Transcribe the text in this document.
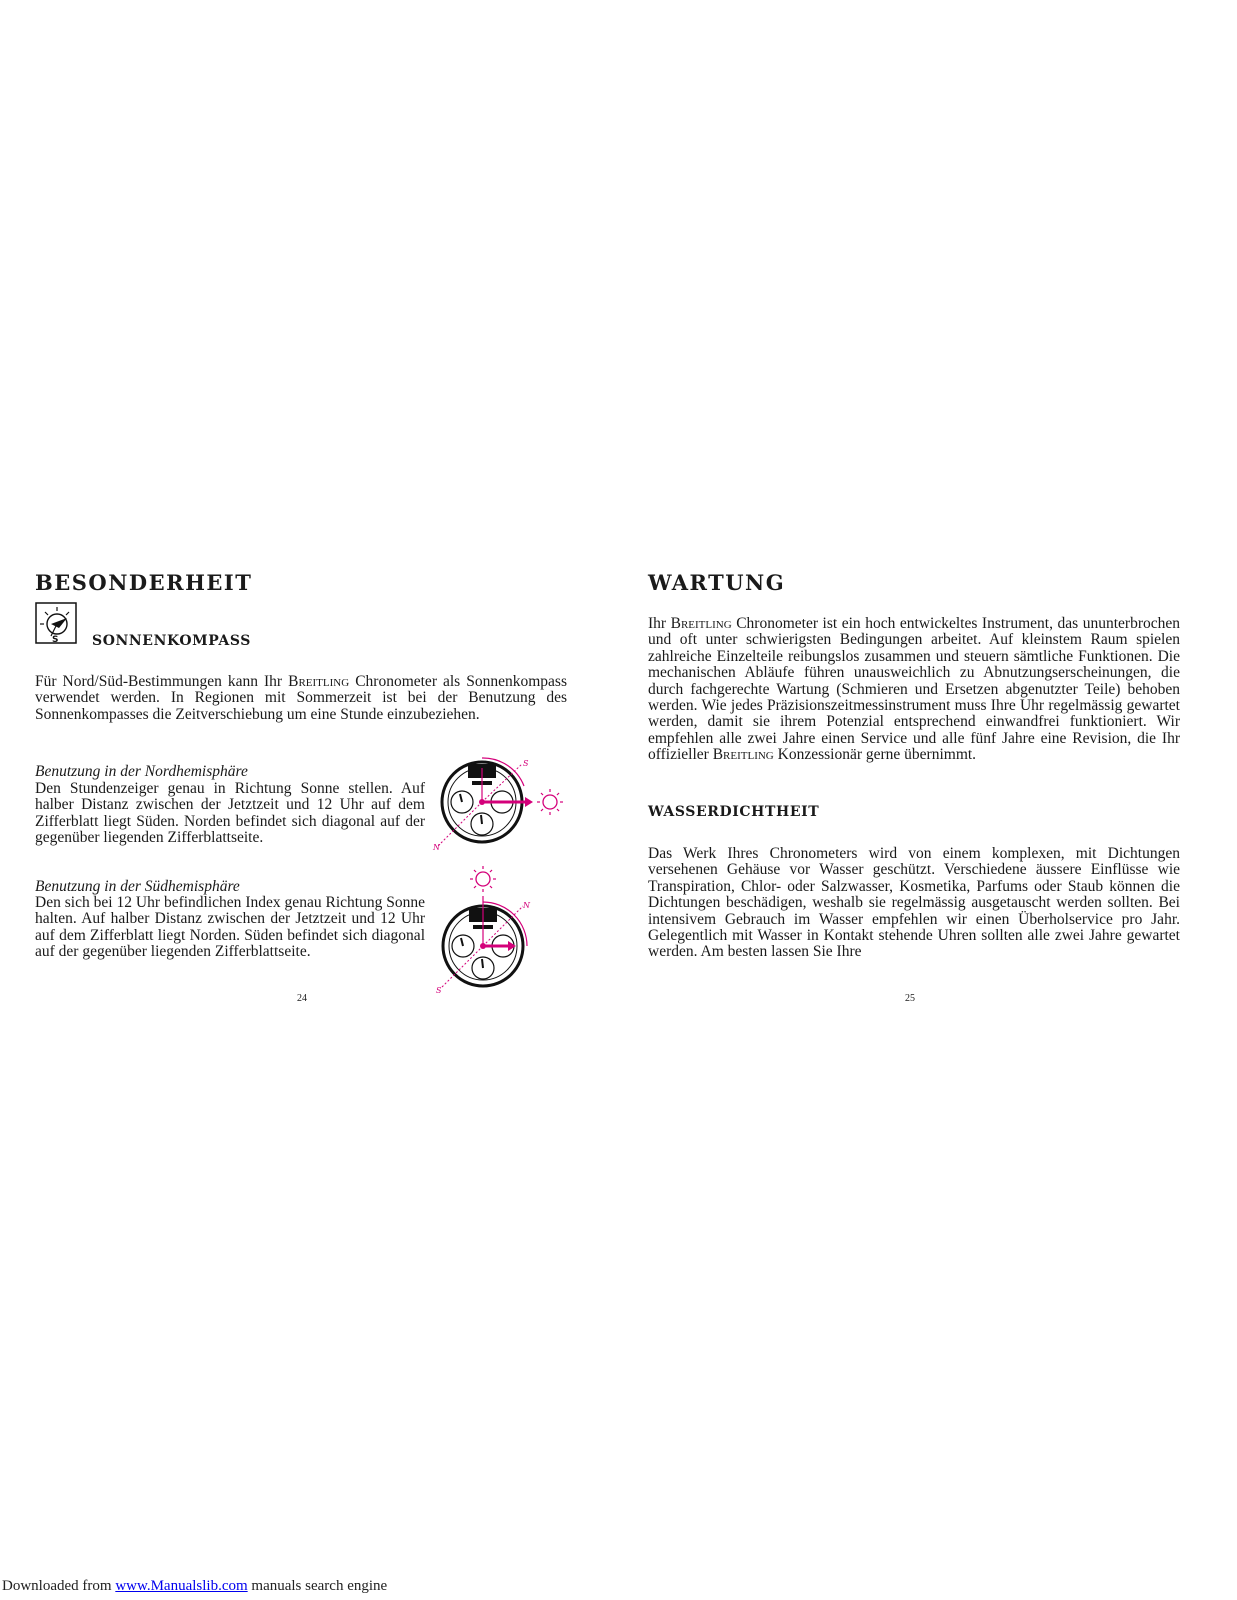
BESONDERHEIT
S SONNENKOMPASS

Für Nord/Süd-Bestimmungen kann Ihr Breitling Chronometer als Sonnenkompass verwendet werden. In Regionen mit Sommerzeit ist bei der Benutzung des Sonnenkompasses die Zeitverschiebung um eine Stunde einzubeziehen.

Benutzung in der Nordhemisphäre

Den Stundenzeiger genau in Richtung Sonne stellen. Auf halber Distanz zwischen der Jetztzeit und 12 Uhr auf dem Zifferblatt liegt Süden. Norden befindet sich diagonal auf der gegenüber liegenden Zifferblattseite.

S
N
Benutzung in der Südhemisphäre

Den sich bei 12 Uhr befindlichen Index genau Richtung Sonne halten. Auf halber Distanz zwischen der Jetztzeit und 12 Uhr auf dem Zifferblatt liegt Norden. Süden befindet sich diagonal auf der gegenüber liegenden Zifferblattseite.

N
S
24
WARTUNG

Ihr Breitling Chronometer ist ein hoch entwickeltes Instrument, das ununterbrochen und oft unter schwierigsten Bedingungen arbeitet. Auf kleinstem Raum spielen zahlreiche Einzelteile reibungslos zusammen und steuern sämtliche Funktionen. Die mechanischen Abläufe führen unausweichlich zu Abnutzungserscheinungen, die durch fachgerechte Wartung (Schmieren und Ersetzen abgenutzter Teile) behoben werden. Wie jedes Präzisionszeitmessinstrument muss Ihre Uhr regelmässig gewartet werden, damit sie ihrem Potenzial entsprechend einwandfrei funktioniert. Wir empfehlen alle zwei Jahre einen Service und alle fünf Jahre eine Revision, die Ihr offizieller Breitling Konzessionär gerne übernimmt.

WASSERDICHTHEIT

Das Werk Ihres Chronometers wird von einem komplexen, mit Dichtungen versehenen Gehäuse vor Wasser geschützt. Verschiedene äussere Einflüsse wie Transpiration, Chlor- oder Salzwasser, Kosmetika, Parfums oder Staub können die Dichtungen beschädigen, weshalb sie regelmässig ausgetauscht werden sollten. Bei intensivem Gebrauch im Wasser empfehlen wir einen Überholservice pro Jahr. Gelegentlich mit Wasser in Kontakt stehende Uhren sollten alle zwei Jahre gewartet werden. Am besten lassen Sie Ihre

25
Downloaded from www.Manualslib.com manuals search engine
